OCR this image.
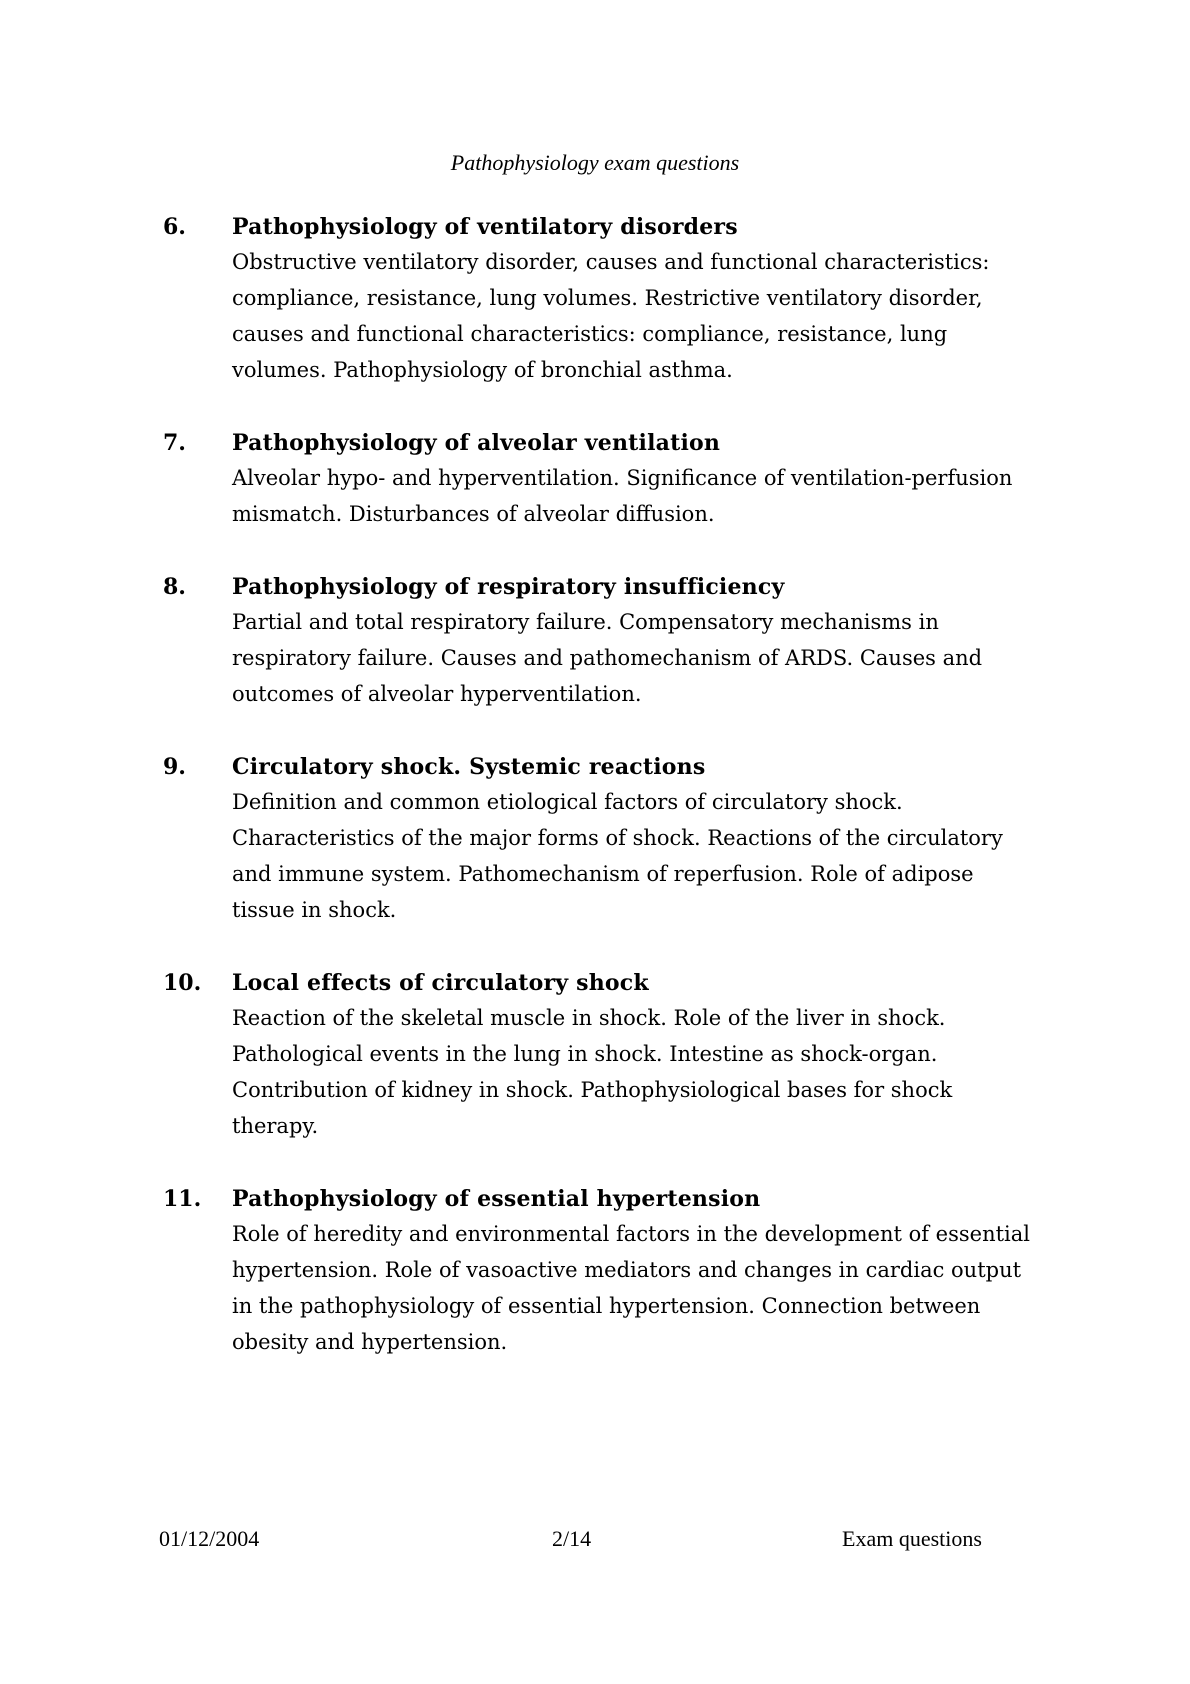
Pathophysiology exam questions
6. Pathophysiology of ventilatory disorders
Obstructive ventilatory disorder, causes and functional characteristics: compliance, resistance, lung volumes. Restrictive ventilatory disorder, causes and functional characteristics: compliance, resistance, lung volumes. Pathophysiology of bronchial asthma.
7. Pathophysiology of alveolar ventilation
Alveolar hypo- and hyperventilation. Significance of ventilation-perfusion mismatch. Disturbances of alveolar diffusion.
8. Pathophysiology of respiratory insufficiency
Partial and total respiratory failure. Compensatory mechanisms in respiratory failure. Causes and pathomechanism of ARDS. Causes and outcomes of alveolar hyperventilation.
9. Circulatory shock. Systemic reactions
Definition and common etiological factors of circulatory shock. Characteristics of the major forms of shock. Reactions of the circulatory and immune system. Pathomechanism of reperfusion. Role of adipose tissue in shock.
10. Local effects of circulatory shock
Reaction of the skeletal muscle in shock. Role of the liver in shock. Pathological events in the lung in shock. Intestine as shock-organ. Contribution of kidney in shock. Pathophysiological bases for shock therapy.
11. Pathophysiology of essential hypertension
Role of heredity and environmental factors in the development of essential hypertension. Role of vasoactive mediators and changes in cardiac output in the pathophysiology of essential hypertension. Connection between obesity and hypertension.
01/12/2004	2/14	Exam questions
